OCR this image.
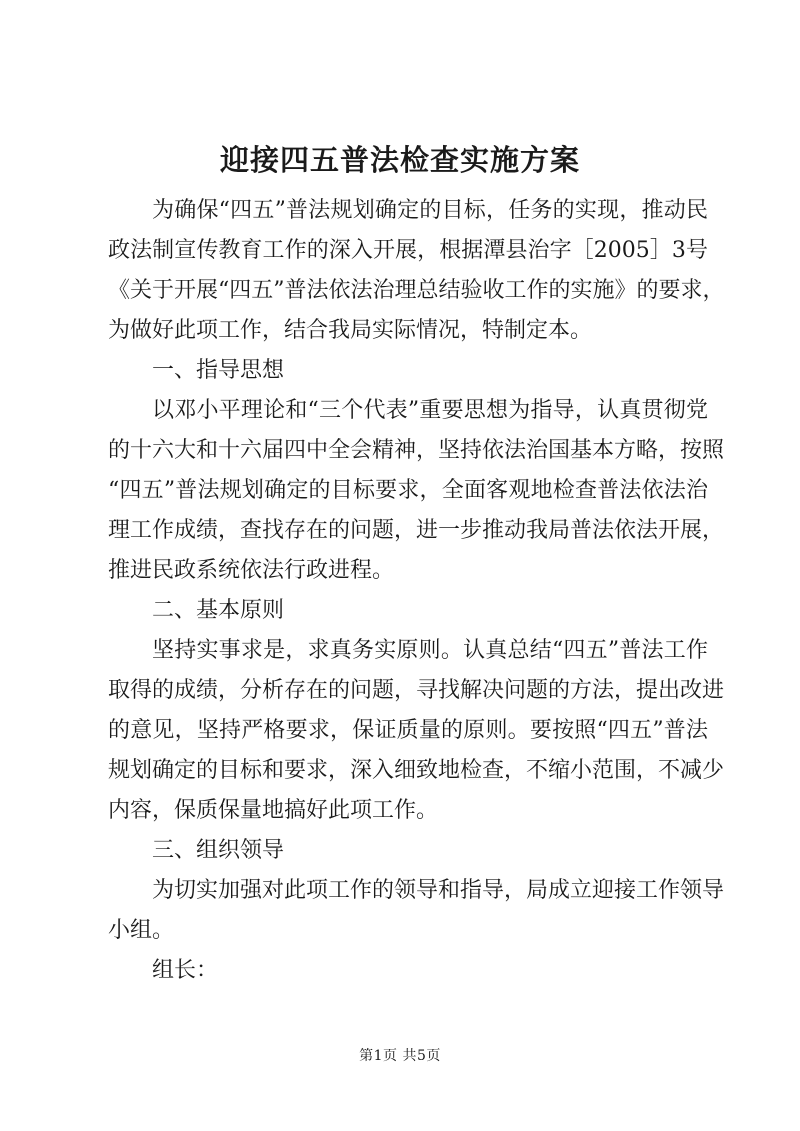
迎接四五普法检查实施方案

为确保“四五”普法规划确定的目标，任务的实现，推动民

政法制宣传教育工作的深入开展，根据潭县治字［2005］3号

《关于开展“四五”普法依法治理总结验收工作的实施》的要求，

为做好此项工作，结合我局实际情况，特制定本。

一、指导思想

以邓小平理论和“三个代表”重要思想为指导，认真贯彻党

的十六大和十六届四中全会精神，坚持依法治国基本方略，按照

“四五”普法规划确定的目标要求，全面客观地检查普法依法治

理工作成绩，查找存在的问题，进一步推动我局普法依法开展，

推进民政系统依法行政进程。

二、基本原则

坚持实事求是，求真务实原则。认真总结“四五”普法工作

取得的成绩，分析存在的问题，寻找解决问题的方法，提出改进

的意见，坚持严格要求，保证质量的原则。要按照“四五”普法

规划确定的目标和要求，深入细致地检查，不缩小范围，不减少

内容，保质保量地搞好此项工作。

三、组织领导

为切实加强对此项工作的领导和指导，局成立迎接工作领导

小组。

组长：

第1页 共5页
